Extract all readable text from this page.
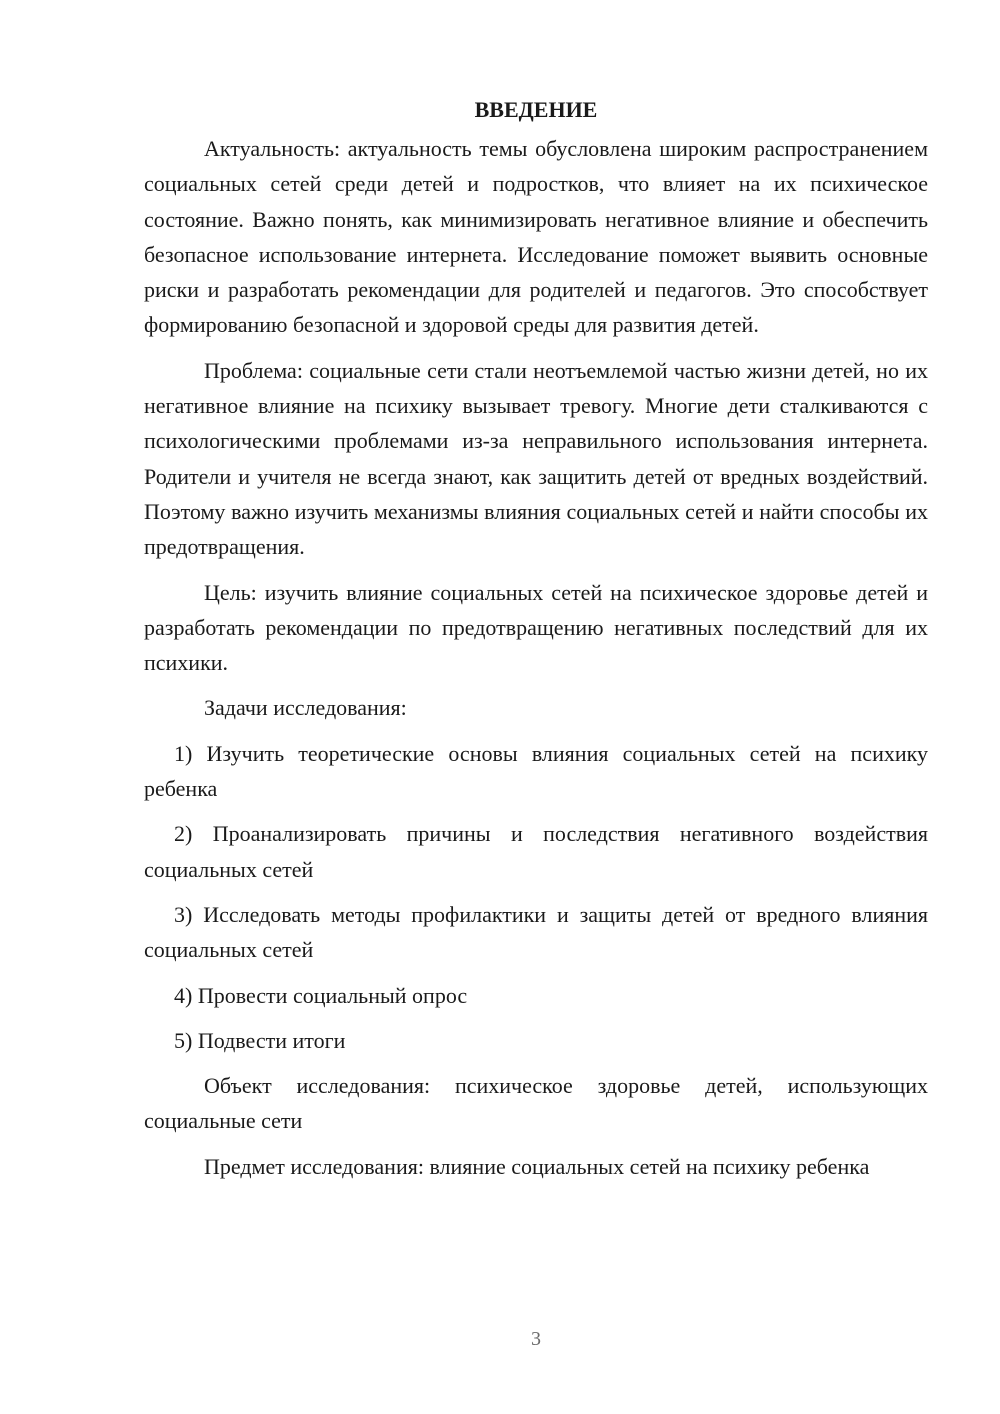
ВВЕДЕНИЕ

Актуальность: актуальность темы обусловлена широким распространением социальных сетей среди детей и подростков, что влияет на их психическое состояние. Важно понять, как минимизировать негативное влияние и обеспечить безопасное использование интернета. Исследование поможет выявить основные риски и разработать рекомендации для родителей и педагогов. Это способствует формированию безопасной и здоровой среды для развития детей.

Проблема: социальные сети стали неотъемлемой частью жизни детей, но их негативное влияние на психику вызывает тревогу. Многие дети сталкиваются с психологическими проблемами из-за неправильного использования интернета. Родители и учителя не всегда знают, как защитить детей от вредных воздействий. Поэтому важно изучить механизмы влияния социальных сетей и найти способы их предотвращения.

Цель: изучить влияние социальных сетей на психическое здоровье детей и разработать рекомендации по предотвращению негативных последствий для их психики.

Задачи исследования:

1) Изучить теоретические основы влияния социальных сетей на психику ребенка

2) Проанализировать причины и последствия негативного воздействия социальных сетей

3) Исследовать методы профилактики и защиты детей от вредного влияния социальных сетей

4) Провести социальный опрос

5) Подвести итоги

Объект исследования: психическое здоровье детей, использующих социальные сети

Предмет исследования: влияние социальных сетей на психику ребенка

3
